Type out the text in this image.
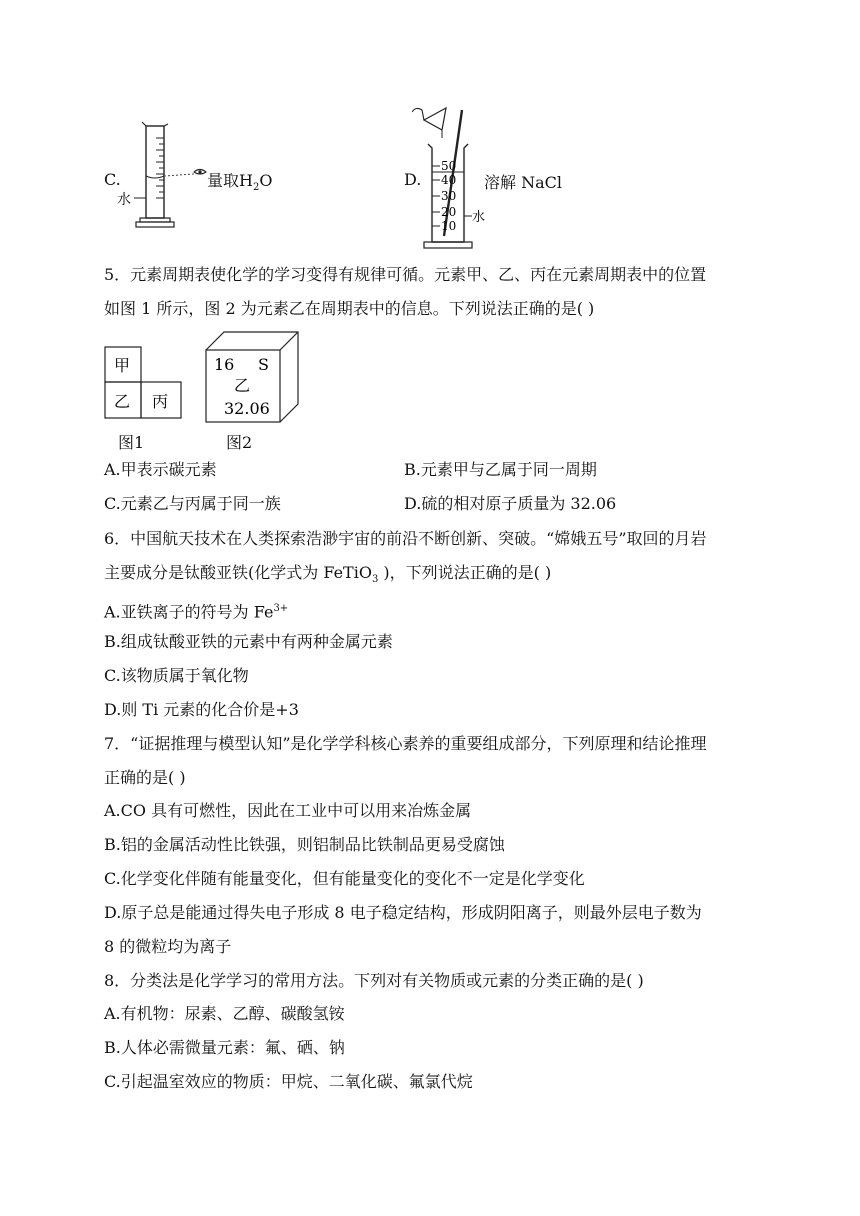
C.
水
量取$H_2O$	D.
50
40
30
20
10
水
溶解 NaCl
5．元素周期表使化学的学习变得有规律可循。元素甲、乙、丙在元素周期表中的位置
如图 1 所示，图 2 为元素乙在周期表中的信息。下列说法正确的是( )
甲
乙 丙
图1
16 S
乙
32.06
图2
A.甲表示碳元素	B.元素甲与乙属于同一周期
C.元素乙与丙属于同一族	D.硫的相对原子质量为 32.06
6．中国航天技术在人类探索浩渺宇宙的前沿不断创新、突破。“嫦娥五号”取回的月岩
主要成分是钛酸亚铁(化学式为 FeTiO$_3$ )，下列说法正确的是( )
A.亚铁离子的符号为 $Fe^{3+}$
B.组成钛酸亚铁的元素中有两种金属元素
C.该物质属于氧化物
D.则 Ti 元素的化合价是+3
7．“证据推理与模型认知”是化学学科核心素养的重要组成部分，下列原理和结论推理
正确的是( )
A.CO 具有可燃性，因此在工业中可以用来冶炼金属
B.铝的金属活动性比铁强，则铝制品比铁制品更易受腐蚀
C.化学变化伴随有能量变化，但有能量变化的变化不一定是化学变化
D.原子总是能通过得失电子形成 8 电子稳定结构，形成阴阳离子，则最外层电子数为
8 的微粒均为离子
8．分类法是化学学习的常用方法。下列对有关物质或元素的分类正确的是( )
A.有机物：尿素、乙醇、碳酸氢铵
B.人体必需微量元素：氟、硒、钠
C.引起温室效应的物质：甲烷、二氧化碳、氟氯代烷
